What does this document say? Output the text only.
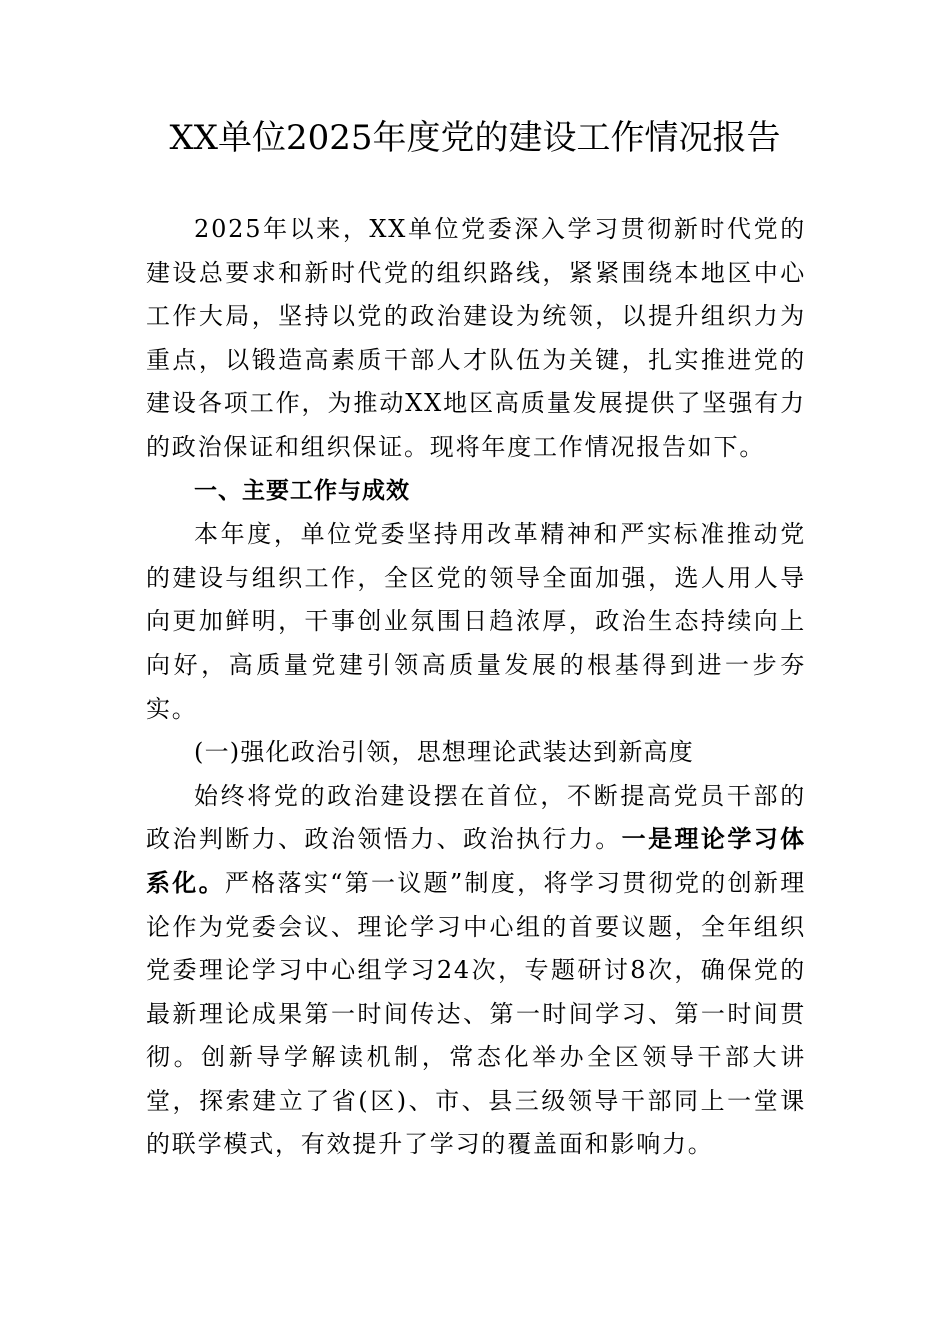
XX单位2025年度党的建设工作情况报告

2025年以来，XX单位党委深入学习贯彻新时代党的建设总要求和新时代党的组织路线，紧紧围绕本地区中心工作大局，坚持以党的政治建设为统领，以提升组织力为重点，以锻造高素质干部人才队伍为关键，扎实推进党的建设各项工作，为推动XX地区高质量发展提供了坚强有力的政治保证和组织保证。现将年度工作情况报告如下。

一、主要工作与成效

本年度，单位党委坚持用改革精神和严实标准推动党的建设与组织工作，全区党的领导全面加强，选人用人导向更加鲜明，干事创业氛围日趋浓厚，政治生态持续向上向好，高质量党建引领高质量发展的根基得到进一步夯实。

(一)强化政治引领，思想理论武装达到新高度

始终将党的政治建设摆在首位，不断提高党员干部的政治判断力、政治领悟力、政治执行力。一是理论学习体系化。严格落实“第一议题”制度，将学习贯彻党的创新理论作为党委会议、理论学习中心组的首要议题，全年组织党委理论学习中心组学习24次，专题研讨8次，确保党的最新理论成果第一时间传达、第一时间学习、第一时间贯彻。创新导学解读机制，常态化举办全区领导干部大讲堂，探索建立了省(区)、市、县三级领导干部同上一堂课的联学模式，有效提升了学习的覆盖面和影响力。
